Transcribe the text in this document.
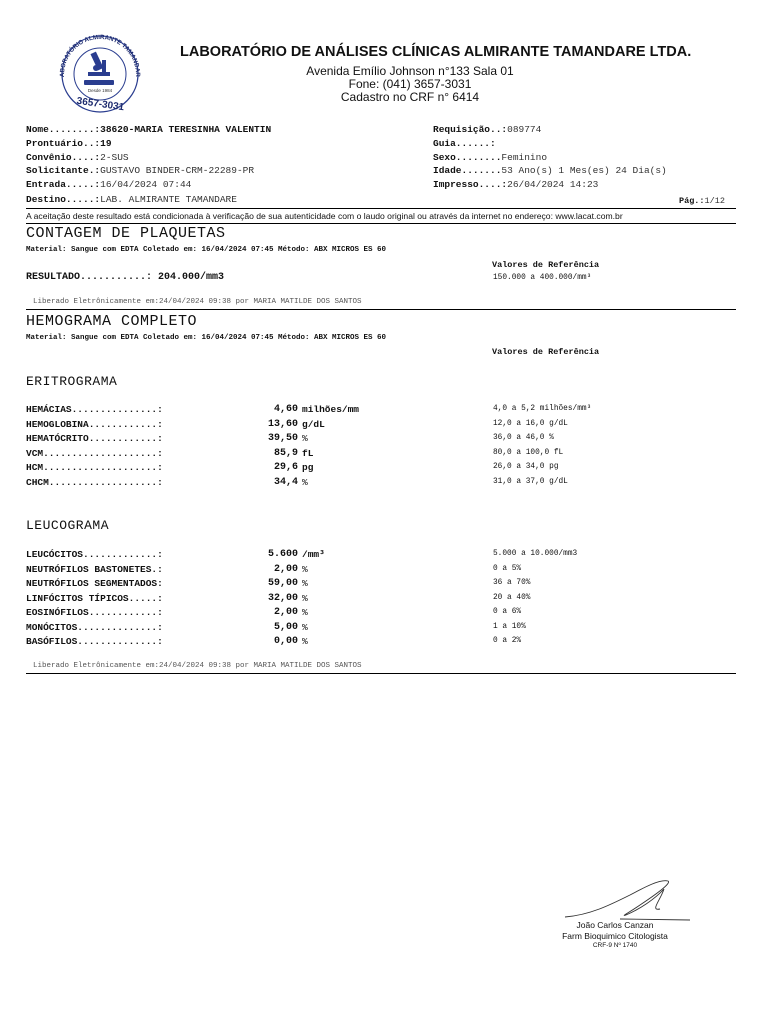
ABORATÓRIO ALMIRANTE TAMANDAR
Desde 1984
3657-3031
LABORATÓRIO DE ANÁLISES CLÍNICAS ALMIRANTE TAMANDARE LTDA.
Avenida Emílio Johnson n°133 Sala 01
Fone: (041) 3657-3031
Cadastro no CRF n° 6414
Nome........:38620-MARIA TERESINHA VALENTIN
Prontuário..:19
Convênio....:2-SUS
Solicitante.:GUSTAVO BINDER-CRM-22289-PR
Entrada.....:16/04/2024 07:44
Destino.....:LAB. ALMIRANTE TAMANDARE
Requisição..:089774
Guia......:
Sexo........Feminino
Idade.......53 Ano(s) 1 Mes(es) 24 Dia(s)
Impresso....:26/04/2024 14:23
Pág.:1/12
A aceitação deste resultado está condicionada à verificação de sua autenticidade com o laudo original ou através da internet no endereço: www.lacat.com.br
CONTAGEM DE PLAQUETAS
Material: Sangue com EDTA Coletado em: 16/04/2024 07:45 Método: ABX MICROS ES 60
Valores de Referência
RESULTADO...........: 204.000/mm3	150.000 a 400.000/mm³
Liberado Eletrônicamente em:24/04/2024 09:38 por MARIA MATILDE DOS SANTOS
HEMOGRAMA COMPLETO
Material: Sangue com EDTA Coletado em: 16/04/2024 07:45 Método: ABX MICROS ES 60
Valores de Referência
ERITROGRAMA
HEMÁCIAS...............:	4,60 milhões/mm	4,0 a 5,2 milhões/mm³
HEMOGLOBINA............:	13,60 g/dL	12,0 a 16,0 g/dL
HEMATÓCRITO............:	39,50 %	36,0 a 46,0 %
VCM....................:	85,9 fL	80,0 a 100,0 fL
HCM....................:	29,6 pg	26,0 a 34,0 pg
CHCM...................:	34,4 %	31,0 a 37,0 g/dL
LEUCOGRAMA
LEUCÓCITOS.............:	5.600 /mm³	5.000 a 10.000/mm3
NEUTRÓFILOS BASTONETES.:	2,00 %	0 a 5%
NEUTRÓFILOS SEGMENTADOS:	59,00 %	36 a 70%
LINFÓCITOS TÍPICOS.....:	32,00 %	20 a 40%
EOSINÓFILOS............:	2,00 %	0 a 6%
MONÓCITOS..............:	5,00 %	1 a 10%
BASÓFILOS..............:	0,00 %	0 a 2%
Liberado Eletrônicamente em:24/04/2024 09:38 por MARIA MATILDE DOS SANTOS
João Carlos Canzan
Farm Bioquimico Citologista
CRF-9 Nº 1740
